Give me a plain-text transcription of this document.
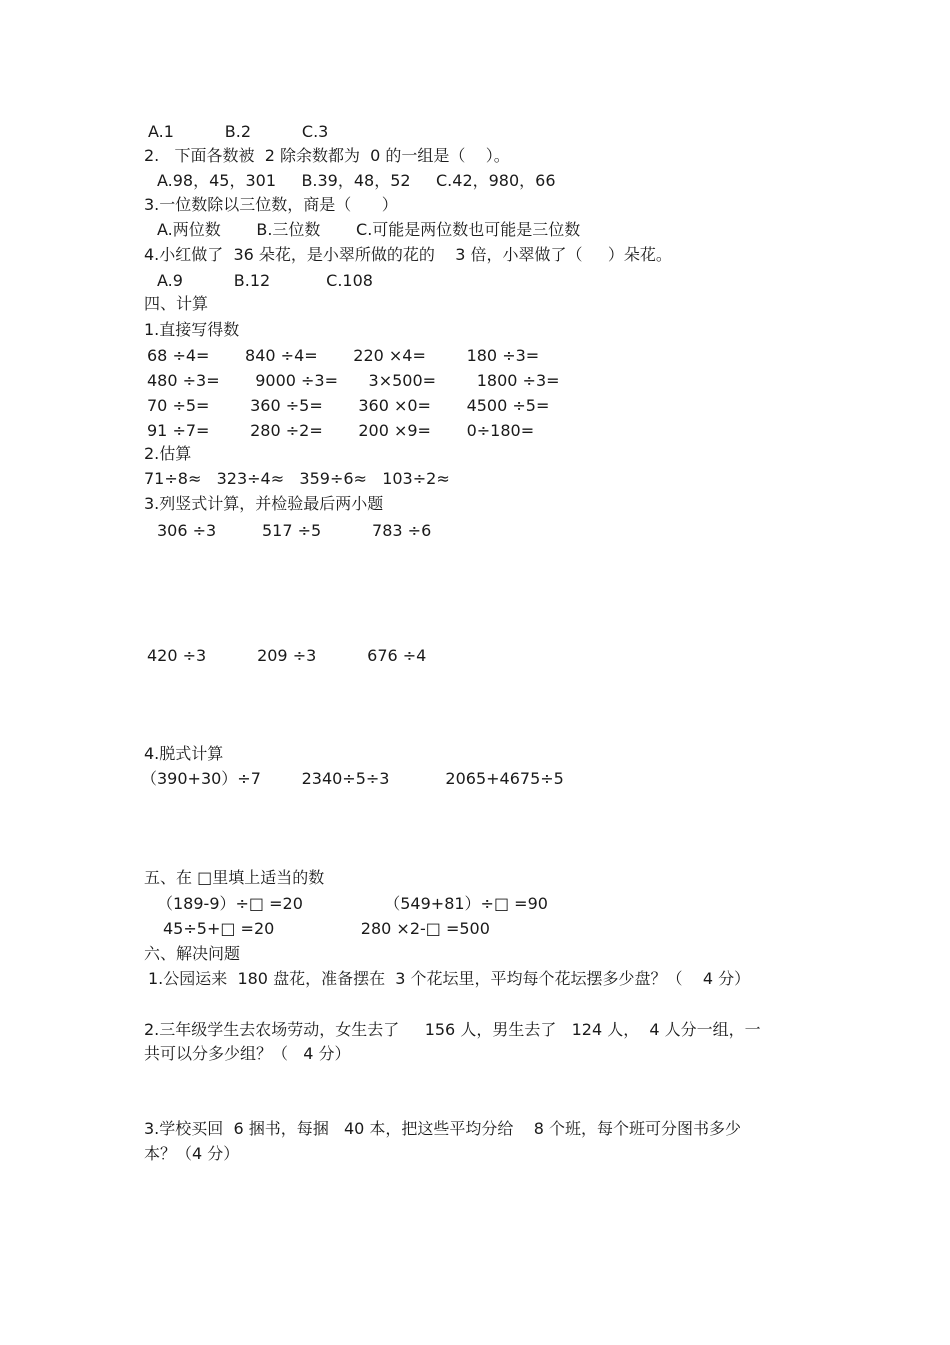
A.1          B.2          C.3
2.   下面各数被  2 除余数都为  0 的一组是（    ）。
A.98，45，301     B.39，48，52     C.42，980，66
3.一位数除以三位数，商是（      ）
A.两位数       B.三位数       C.可能是两位数也可能是三位数
4.小红做了  36 朵花，是小翠所做的花的    3 倍，小翠做了（     ）朵花。
A.9          B.12           C.108
四、计算
1.直接写得数
68 ÷4=       840 ÷4=       220 ×4=        180 ÷3=
480 ÷3=       9000 ÷3=      3×500=        1800 ÷3=
70 ÷5=        360 ÷5=       360 ×0=       4500 ÷5=
91 ÷7=        280 ÷2=       200 ×9=       0÷180=
2.估算
71÷8≈   323÷4≈   359÷6≈   103÷2≈
3.列竖式计算，并检验最后两小题
306 ÷3         517 ÷5          783 ÷6
420 ÷3          209 ÷3          676 ÷4
4.脱式计算
（390+30）÷7        2340÷5÷3           2065+4675÷5
五、在 □里填上适当的数
（189-9）÷□ =20                （549+81）÷□ =90
45÷5+□ =20                 280 ×2-□ =500
六、解决问题
1.公园运来  180 盘花，准备摆在  3 个花坛里，平均每个花坛摆多少盘？（    4 分）
2.三年级学生去农场劳动，女生去了     156 人，男生去了   124 人，  4 人分一组，一
共可以分多少组？（   4 分）
3.学校买回  6 捆书，每捆   40 本，把这些平均分给    8 个班，每个班可分图书多少
本？（4 分）
